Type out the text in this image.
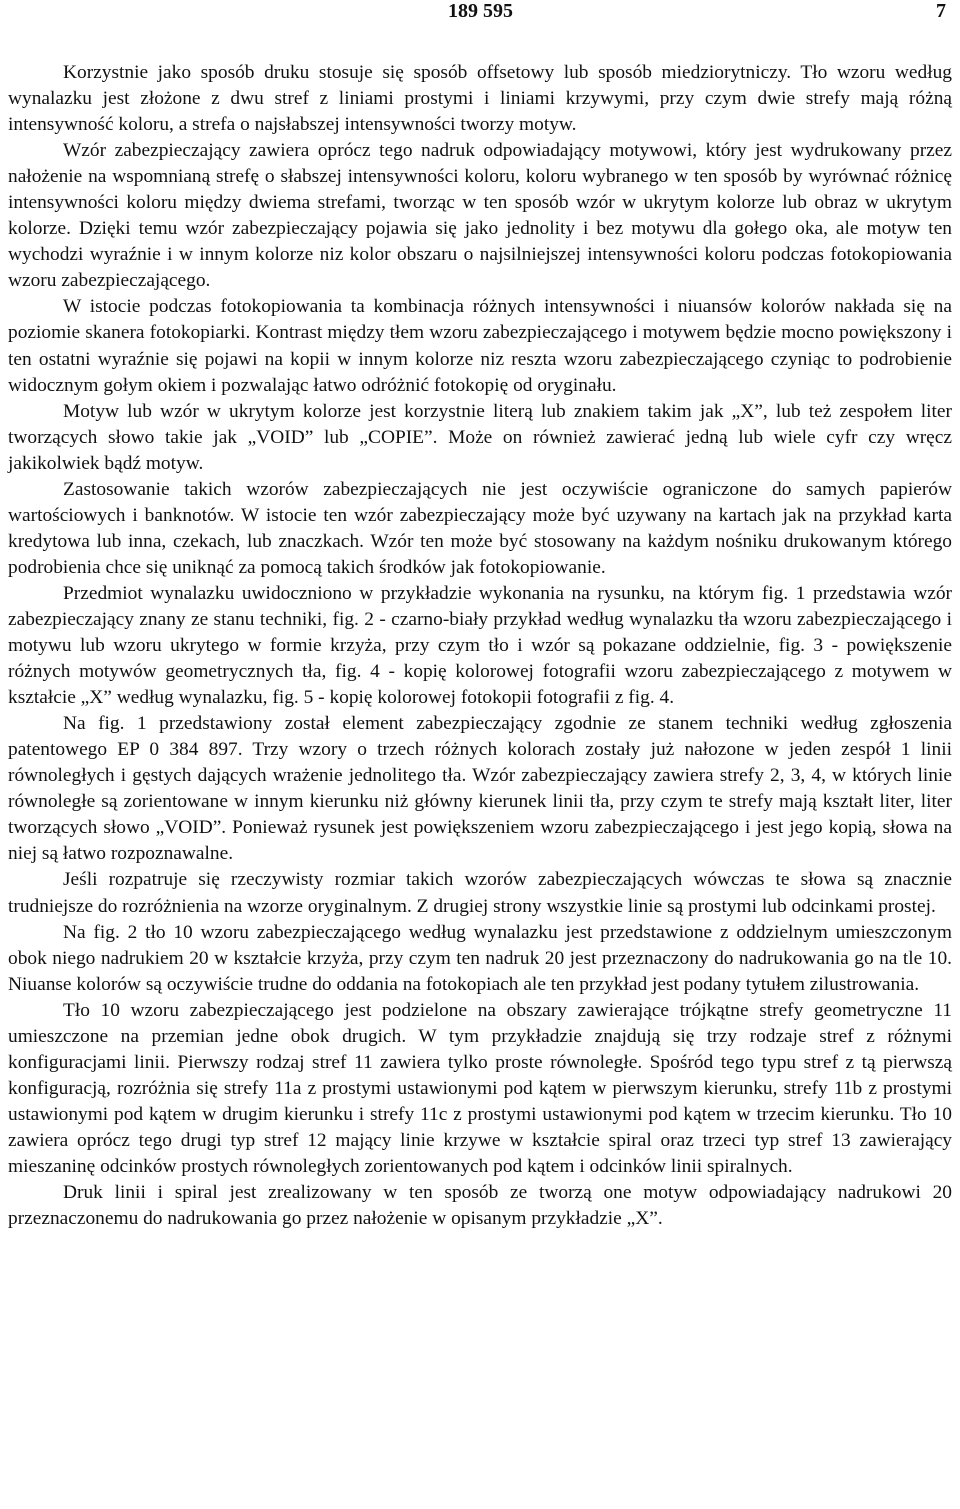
189 595	7

Korzystnie jako sposób druku stosuje się sposób offsetowy lub sposób miedziorytniczy. Tło wzoru według wynalazku jest złożone z dwu stref z liniami prostymi i liniami krzywymi, przy czym dwie strefy mają różną intensywność koloru, a strefa o najsłabszej intensywności tworzy motyw.

Wzór zabezpieczający zawiera oprócz tego nadruk odpowiadający motywowi, który jest wydrukowany przez nałożenie na wspomnianą strefę o słabszej intensywności koloru, koloru wybranego w ten sposób by wyrównać różnicę intensywności koloru między dwiema strefami, tworząc w ten sposób wzór w ukrytym kolorze lub obraz w ukrytym kolorze. Dzięki temu wzór zabezpieczający pojawia się jako jednolity i bez motywu dla gołego oka, ale motyw ten wychodzi wyraźnie i w innym kolorze niz kolor obszaru o najsilniejszej intensywności koloru podczas fotokopiowania wzoru zabezpieczającego.

W istocie podczas fotokopiowania ta kombinacja różnych intensywności i niuansów kolorów nakłada się na poziomie skanera fotokopiarki. Kontrast między tłem wzoru zabezpieczającego i motywem będzie mocno powiększony i ten ostatni wyraźnie się pojawi na kopii w innym kolorze niz reszta wzoru zabezpieczającego czyniąc to podrobienie widocznym gołym okiem i pozwalając łatwo odróżnić fotokopię od oryginału.

Motyw lub wzór w ukrytym kolorze jest korzystnie literą lub znakiem takim jak „X”, lub też zespołem liter tworzących słowo takie jak „VOID” lub „COPIE”. Może on również zawierać jedną lub wiele cyfr czy wręcz jakikolwiek bądź motyw.

Zastosowanie takich wzorów zabezpieczających nie jest oczywiście ograniczone do samych papierów wartościowych i banknotów. W istocie ten wzór zabezpieczający może być uzywany na kartach jak na przykład karta kredytowa lub inna, czekach, lub znaczkach. Wzór ten może być stosowany na każdym nośniku drukowanym którego podrobienia chce się uniknąć za pomocą takich środków jak fotokopiowanie.

Przedmiot wynalazku uwidoczniono w przykładzie wykonania na rysunku, na którym fig. 1 przedstawia wzór zabezpieczający znany ze stanu techniki, fig. 2 - czarno-biały przykład według wynalazku tła wzoru zabezpieczającego i motywu lub wzoru ukrytego w formie krzyża, przy czym tło i wzór są pokazane oddzielnie, fig. 3 - powiększenie różnych motywów geometrycznych tła, fig. 4 - kopię kolorowej fotografii wzoru zabezpieczającego z motywem w kształcie „X” według wynalazku, fig. 5 - kopię kolorowej fotokopii fotografii z fig. 4.

Na fig. 1 przedstawiony został element zabezpieczający zgodnie ze stanem techniki według zgłoszenia patentowego EP 0 384 897. Trzy wzory o trzech różnych kolorach zostały już nałozone w jeden zespół 1 linii równoległych i gęstych dających wrażenie jednolitego tła. Wzór zabezpieczający zawiera strefy 2, 3, 4, w których linie równoległe są zorientowane w innym kierunku niż główny kierunek linii tła, przy czym te strefy mają kształt liter, liter tworzących słowo „VOID”. Ponieważ rysunek jest powiększeniem wzoru zabezpieczającego i jest jego kopią, słowa na niej są łatwo rozpoznawalne.

Jeśli rozpatruje się rzeczywisty rozmiar takich wzorów zabezpieczających wówczas te słowa są znacznie trudniejsze do rozróżnienia na wzorze oryginalnym. Z drugiej strony wszystkie linie są prostymi lub odcinkami prostej.

Na fig. 2 tło 10 wzoru zabezpieczającego według wynalazku jest przedstawione z oddzielnym umieszczonym obok niego nadrukiem 20 w kształcie krzyża, przy czym ten nadruk 20 jest przeznaczony do nadrukowania go na tle 10. Niuanse kolorów są oczywiście trudne do oddania na fotokopiach ale ten przykład jest podany tytułem zilustrowania.

Tło 10 wzoru zabezpieczającego jest podzielone na obszary zawierające trójkątne strefy geometryczne 11 umieszczone na przemian jedne obok drugich. W tym przykładzie znajdują się trzy rodzaje stref z różnymi konfiguracjami linii. Pierwszy rodzaj stref 11 zawiera tylko proste równoległe. Spośród tego typu stref z tą pierwszą konfiguracją, rozróżnia się strefy 11a z prostymi ustawionymi pod kątem w pierwszym kierunku, strefy 11b z prostymi ustawionymi pod kątem w drugim kierunku i strefy 11c z prostymi ustawionymi pod kątem w trzecim kierunku. Tło 10 zawiera oprócz tego drugi typ stref 12 mający linie krzywe w kształcie spiral oraz trzeci typ stref 13 zawierający mieszaninę odcinków prostych równoległych zorientowanych pod kątem i odcinków linii spiralnych.

Druk linii i spiral jest zrealizowany w ten sposób ze tworzą one motyw odpowiadający nadrukowi 20 przeznaczonemu do nadrukowania go przez nałożenie w opisanym przykładzie „X”.
